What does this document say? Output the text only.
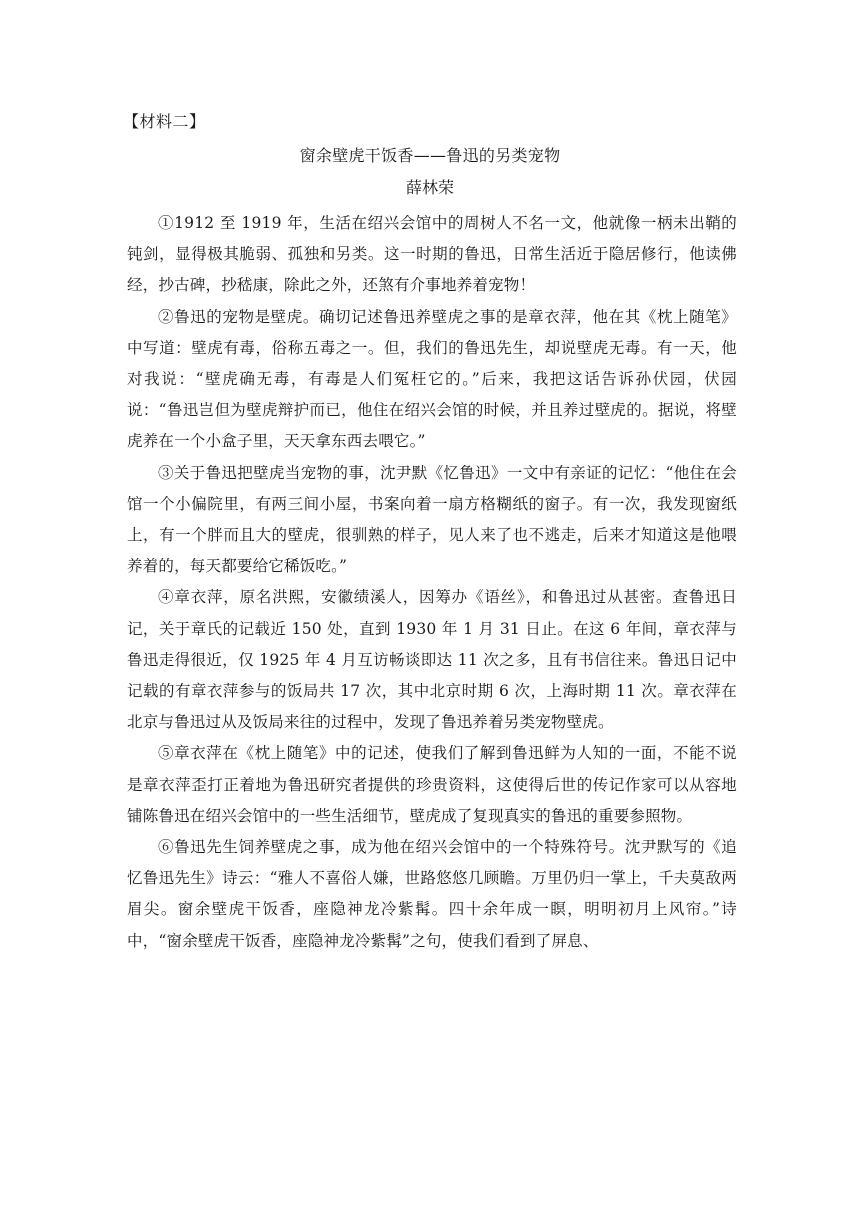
【材料二】
窗余壁虎干饭香——鲁迅的另类宠物
薛林荣

①1912 至 1919 年，生活在绍兴会馆中的周树人不名一文，他就像一柄未出鞘的钝剑，显得极其脆弱、孤独和另类。这一时期的鲁迅，日常生活近于隐居修行，他读佛经，抄古碑，抄嵇康，除此之外，还煞有介事地养着宠物！

②鲁迅的宠物是壁虎。确切记述鲁迅养壁虎之事的是章衣萍，他在其《枕上随笔》中写道：壁虎有毒，俗称五毒之一。但，我们的鲁迅先生，却说壁虎无毒。有一天，他对我说：“壁虎确无毒，有毒是人们冤枉它的。”后来，我把这话告诉孙伏园，伏园说：“鲁迅岂但为壁虎辩护而已，他住在绍兴会馆的时候，并且养过壁虎的。据说，将壁虎养在一个小盒子里，天天拿东西去喂它。”

③关于鲁迅把壁虎当宠物的事，沈尹默《忆鲁迅》一文中有亲证的记忆：“他住在会馆一个小偏院里，有两三间小屋，书案向着一扇方格糊纸的窗子。有一次，我发现窗纸上，有一个胖而且大的壁虎，很驯熟的样子，见人来了也不逃走，后来才知道这是他喂养着的，每天都要给它稀饭吃。”

④章衣萍，原名洪熙，安徽绩溪人，因筹办《语丝》，和鲁迅过从甚密。查鲁迅日记，关于章氏的记载近 150 处，直到 1930 年 1 月 31 日止。在这 6 年间，章衣萍与鲁迅走得很近，仅 1925 年 4 月互访畅谈即达 11 次之多，且有书信往来。鲁迅日记中记载的有章衣萍参与的饭局共 17 次，其中北京时期 6 次，上海时期 11 次。章衣萍在北京与鲁迅过从及饭局来往的过程中，发现了鲁迅养着另类宠物壁虎。

⑤章衣萍在《枕上随笔》中的记述，使我们了解到鲁迅鲜为人知的一面，不能不说是章衣萍歪打正着地为鲁迅研究者提供的珍贵资料，这使得后世的传记作家可以从容地铺陈鲁迅在绍兴会馆中的一些生活细节，壁虎成了复现真实的鲁迅的重要参照物。

⑥鲁迅先生饲养壁虎之事，成为他在绍兴会馆中的一个特殊符号。沈尹默写的《追忆鲁迅先生》诗云：“雅人不喜俗人嫌，世路悠悠几顾瞻。万里仍归一掌上，千夫莫敌两眉尖。窗余壁虎干饭香，座隐神龙冷紫髯。四十余年成一瞑，明明初月上风帘。”诗中，“窗余壁虎干饭香，座隐神龙冷紫髯”之句，使我们看到了屏息、
